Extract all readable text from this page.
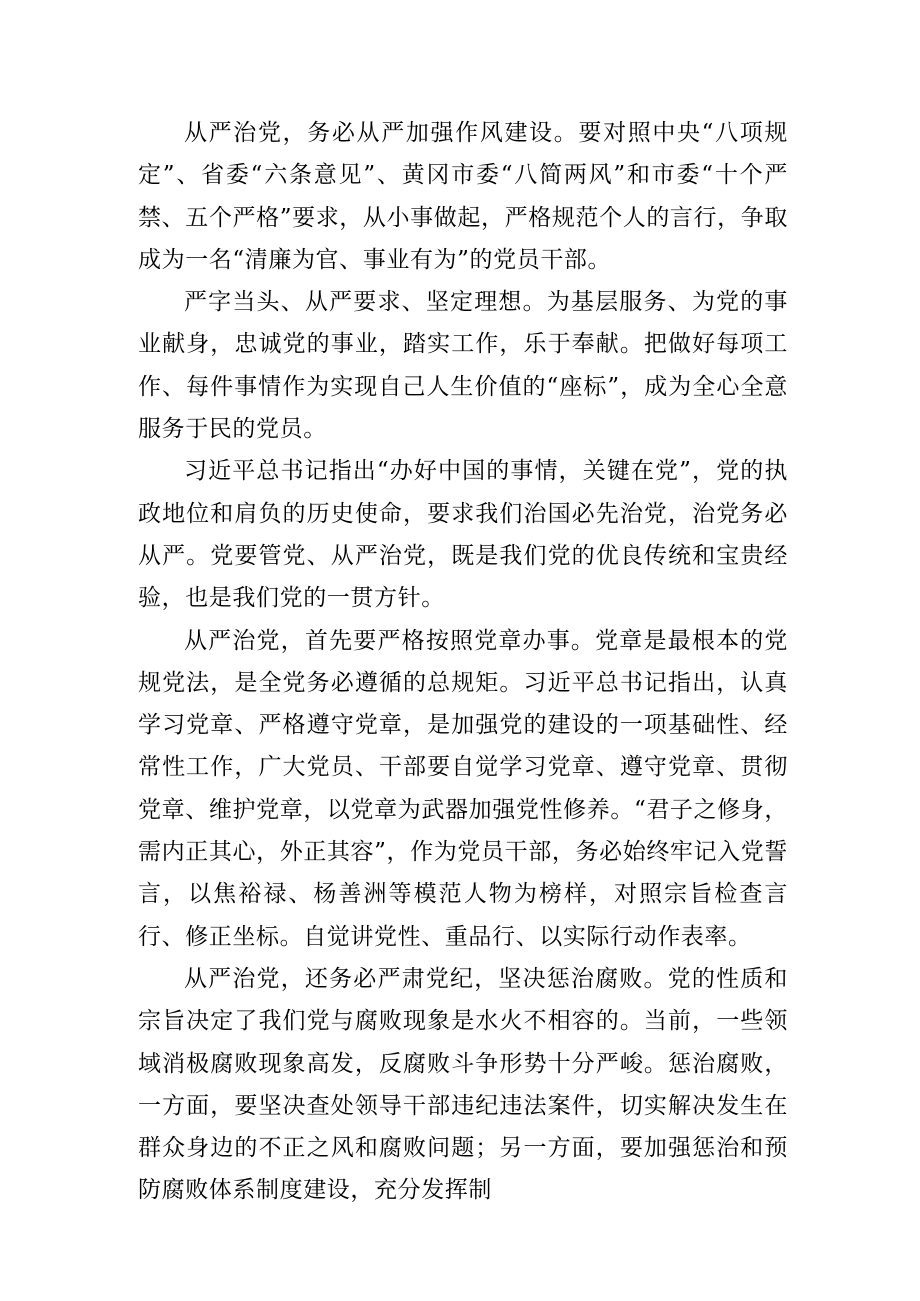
从严治党，务必从严加强作风建设。要对照中央“八项规定”、省委“六条意见”、黄冈市委“八简两风”和市委“十个严禁、五个严格”要求，从小事做起，严格规范个人的言行，争取成为一名“清廉为官、事业有为”的党员干部。

严字当头、从严要求、坚定理想。为基层服务、为党的事业献身，忠诚党的事业，踏实工作，乐于奉献。把做好每项工作、每件事情作为实现自己人生价值的“座标”，成为全心全意服务于民的党员。

习近平总书记指出“办好中国的事情，关键在党”，党的执政地位和肩负的历史使命，要求我们治国必先治党，治党务必从严。党要管党、从严治党，既是我们党的优良传统和宝贵经验，也是我们党的一贯方针。

从严治党，首先要严格按照党章办事。党章是最根本的党规党法，是全党务必遵循的总规矩。习近平总书记指出，认真学习党章、严格遵守党章，是加强党的建设的一项基础性、经常性工作，广大党员、干部要自觉学习党章、遵守党章、贯彻党章、维护党章，以党章为武器加强党性修养。“君子之修身，需内正其心，外正其容”，作为党员干部，务必始终牢记入党誓言，以焦裕禄、杨善洲等模范人物为榜样，对照宗旨检查言行、修正坐标。自觉讲党性、重品行、以实际行动作表率。

从严治党，还务必严肃党纪，坚决惩治腐败。党的性质和宗旨决定了我们党与腐败现象是水火不相容的。当前，一些领域消极腐败现象高发，反腐败斗争形势十分严峻。惩治腐败，一方面，要坚决查处领导干部违纪违法案件，切实解决发生在群众身边的不正之风和腐败问题；另一方面，要加强惩治和预防腐败体系制度建设，充分发挥制
